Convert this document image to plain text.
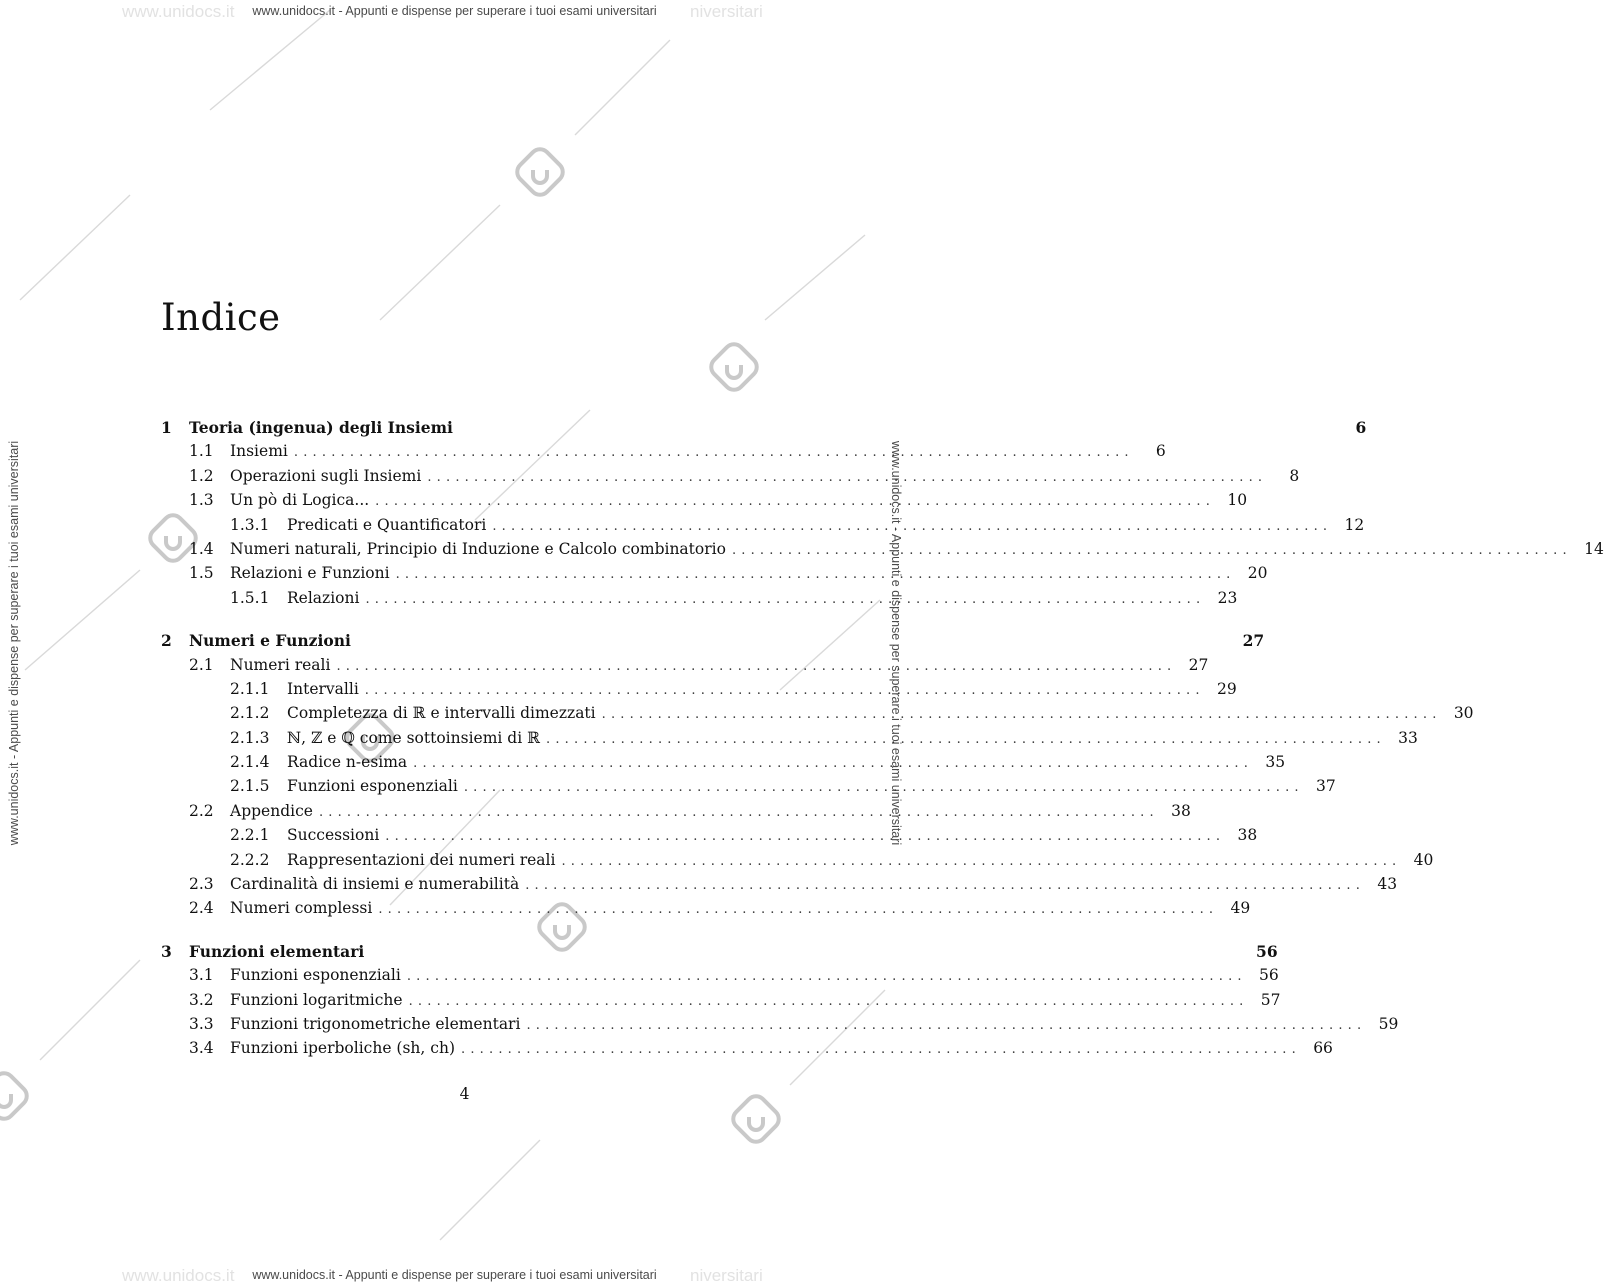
www.unidocs.it	niversitari
www.unidocs.it - Appunti e dispense per superare i tuoi esami universitari
www.unidocs.it - Appunti e dispense per superare i tuoi esami universitari	www.unidocs.it - Appunti e dispense per superare i tuoi esami universitari
Indice
1	Teoria (ingenua) degli Insiemi	6
1.1	Insiemi ..........................................................................................	6
1.2	Operazioni sugli Insiemi ..........................................................................................	8
1.3	Un pò di Logica... .......................................................................................... 10
1.3.1	Predicati e Quantificatori .......................................................................................... 12
1.4	Numeri naturali, Principio di Induzione e Calcolo combinatorio .......................................................................................... 14
1.5	Relazioni e Funzioni .......................................................................................... 20
1.5.1	Relazioni .......................................................................................... 23
2	Numeri e Funzioni	27
2.1	Numeri reali .......................................................................................... 27
2.1.1	Intervalli .......................................................................................... 29
2.1.2	Completezza di ℝ e intervalli dimezzati .......................................................................................... 30
2.1.3	ℕ, ℤ e ℚ come sottoinsiemi di ℝ .......................................................................................... 33
2.1.4	Radice n-esima .......................................................................................... 35
2.1.5	Funzioni esponenziali .......................................................................................... 37
2.2	Appendice .......................................................................................... 38
2.2.1	Successioni .......................................................................................... 38
2.2.2	Rappresentazioni dei numeri reali .......................................................................................... 40
2.3	Cardinalità di insiemi e numerabilità .......................................................................................... 43
2.4	Numeri complessi .......................................................................................... 49
3	Funzioni elementari	56
3.1	Funzioni esponenziali .......................................................................................... 56
3.2	Funzioni logaritmiche .......................................................................................... 57
3.3	Funzioni trigonometriche elementari .......................................................................................... 59
3.4	Funzioni iperboliche (sh, ch) .......................................................................................... 66
4
www.unidocs.it	niversitari
www.unidocs.it - Appunti e dispense per superare i tuoi esami universitari
